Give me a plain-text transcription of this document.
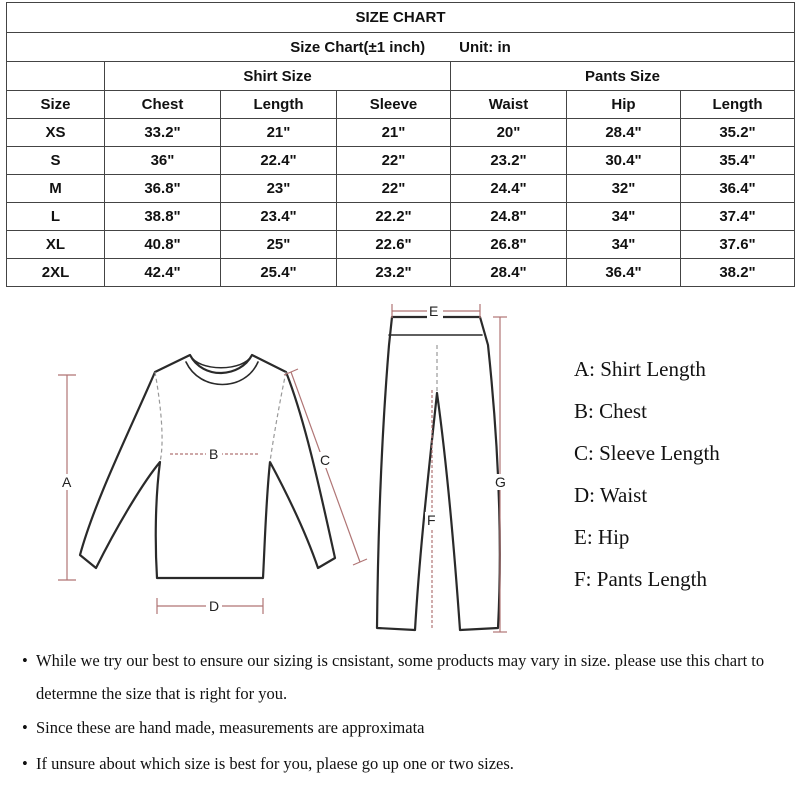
SIZE CHART						
Size Chart(±1 inch) Unit: in						
	Shirt Size			Pants Size		
Size	Chest	Length	Sleeve	Waist	Hip	Length
XS	33.2"	21"	21"	20"	28.4"	35.2"
S	36"	22.4"	22"	23.2"	30.4"	35.4"
M	36.8"	23"	22"	24.4"	32"	36.4"
L	38.8"	23.4"	22.2"	24.8"	34"	37.4"
XL	40.8"	25"	22.6"	26.8"	34"	37.6"
2XL	42.4"	25.4"	23.2"	28.4"	36.4"	38.2"
A
B	C
D
E
F
G
A: Shirt Length
B: Chest
C: Sleeve Length
D: Waist
E: Hip
F: Pants Length

• While we try our best to ensure our sizing is cnsistant, some products may vary in size. please use this chart to determne the size that is right for you.

• Since these are hand made, measurements are approximata

• If unsure about which size is best for you, plaese go up one or two sizes.
